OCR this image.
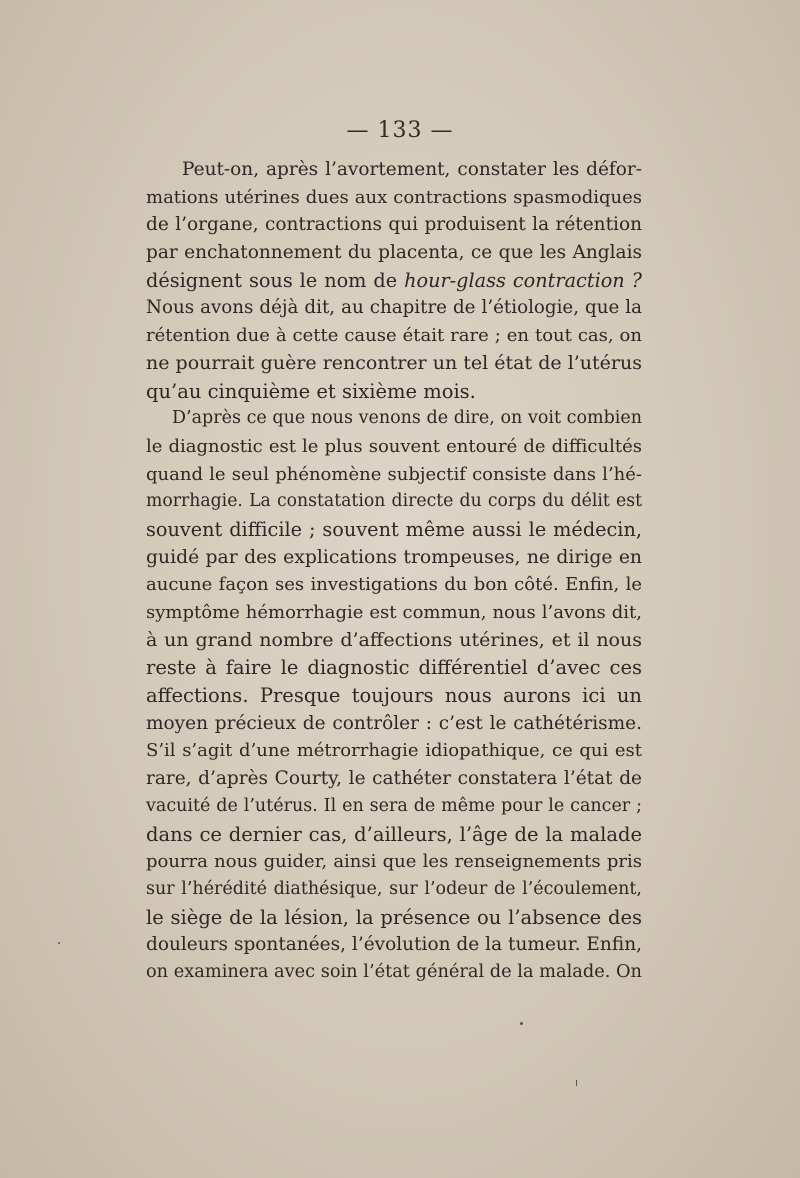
— 133 —
Peut-on, après l’avortement, constater les défor-
mations utérines dues aux contractions spasmodiques
de l’organe, contractions qui produisent la rétention
par enchatonnement du placenta, ce que les Anglais
désignent sous le nom de hour-glass contraction ?
Nous avons déjà dit, au chapitre de l’étiologie, que la
rétention due à cette cause était rare ; en tout cas, on
ne pourrait guère rencontrer un tel état de l’utérus
qu’au cinquième et sixième mois.
D’après ce que nous venons de dire, on voit combien
le diagnostic est le plus souvent entouré de difficultés
quand le seul phénomène subjectif consiste dans l’hé-
morrhagie. La constatation directe du corps du délit est
souvent difficile ; souvent même aussi le médecin,
guidé par des explications trompeuses, ne dirige en
aucune façon ses investigations du bon côté. Enfin, le
symptôme hémorrhagie est commun, nous l’avons dit,
à un grand nombre d’affections utérines, et il nous
reste à faire le diagnostic différentiel d’avec ces
affections. Presque toujours nous aurons ici un
moyen précieux de contrôler : c’est le cathétérisme.
S’il s’agit d’une métrorrhagie idiopathique, ce qui est
rare, d’après Courty, le cathéter constatera l’état de
vacuité de l’utérus. Il en sera de même pour le cancer ;
dans ce dernier cas, d’ailleurs, l’âge de la malade
pourra nous guider, ainsi que les renseignements pris
sur l’hérédité diathésique, sur l’odeur de l’écoulement,
le siège de la lésion, la présence ou l’absence des
douleurs spontanées, l’évolution de la tumeur. Enfin,
on examinera avec soin l’état général de la malade. On
